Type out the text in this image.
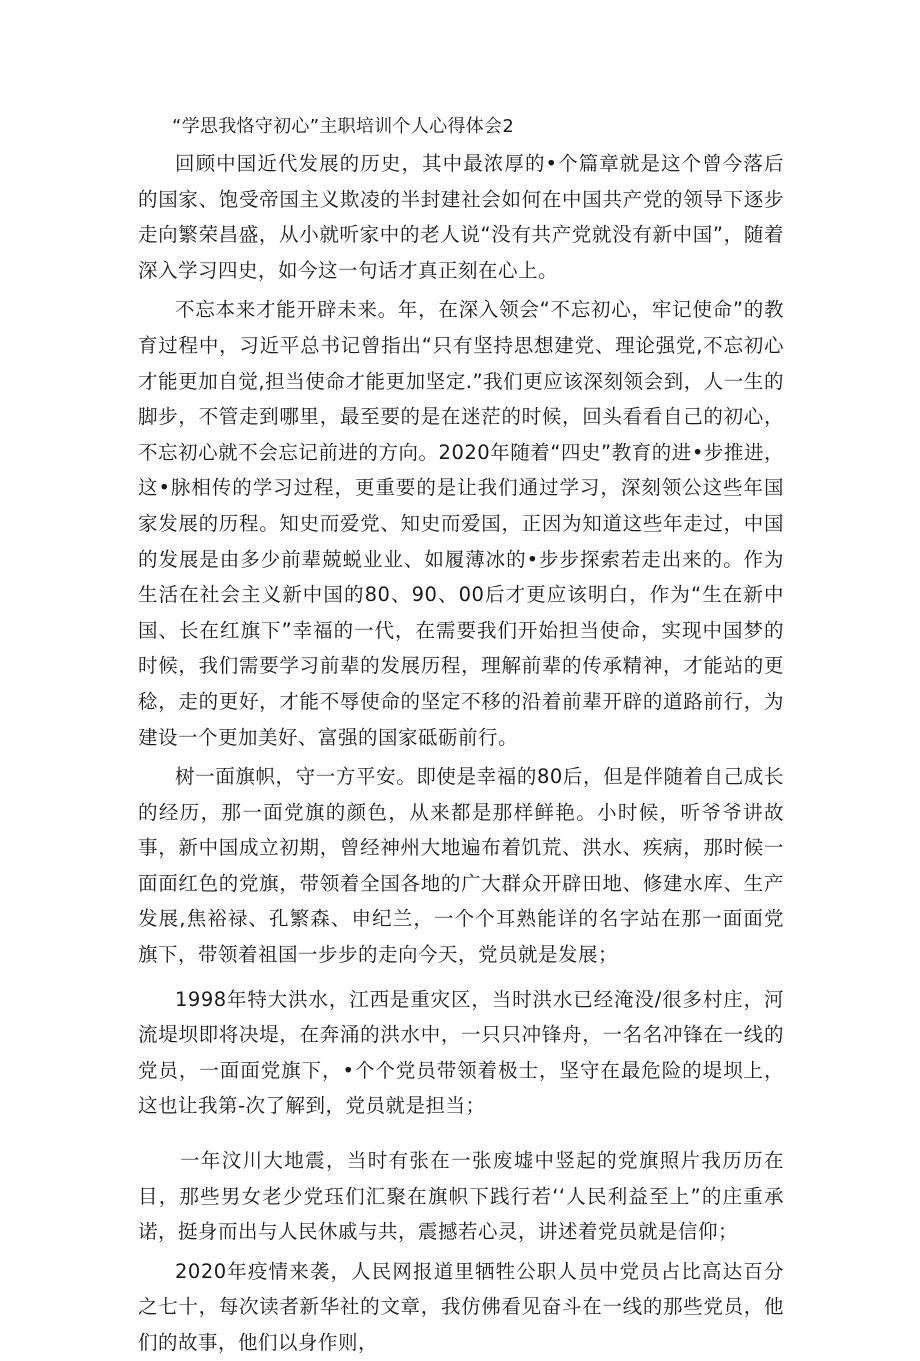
“学思我恪守初心”主职培训个人心得体会2

回顾中国近代发展的历史，其中最浓厚的•个篇章就是这个曾今落后的国家、饱受帝国主义欺凌的半封建社会如何在中国共产党的领导下逐步走向繁荣昌盛，从小就听家中的老人说“没有共产党就没有新中国”，随着深入学习四史，如今这一句话才真正刻在心上。

不忘本来才能开辟未来。年，在深入领会“不忘初心，牢记使命”的教育过程中，习近平总书记曾指出“只有坚持思想建党、理论强党,不忘初心才能更加自觉,担当使命才能更加坚定.”我们更应该深刻领会到，人一生的脚步，不管走到哪里，最至要的是在迷茫的时候，回头看看自己的初心，不忘初心就不会忘记前进的方向。2020年随着“四史”教育的进•步推进，这•脉相传的学习过程，更重要的是让我们通过学习，深刻领公这些年国家发展的历程。知史而爱党、知史而爱国，正因为知道这些年走过，中国的发展是由多少前辈兢蜕业业、如履薄冰的•步步探索若走出来的。作为生活在社会主义新中国的80、90、00后才更应该明白，作为“生在新中国、长在红旗下”幸福的一代，在需要我们开始担当使命，实现中国梦的时候，我们需要学习前辈的发展历程，理解前辈的传承精神，才能站的更稔，走的更好，才能不辱使命的坚定不移的沿着前辈开辟的道路前行，为建设一个更加美好、富强的国家砥砺前行。

树一面旗帜，守一方平安。即使是幸福的80后，但是伴随着自己成长的经历，那一面党旗的颜色，从来都是那样鲜艳。小时候，听爷爷讲故事，新中国成立初期，曾经神州大地遍布着饥荒、洪水、疾病，那时候一面面红色的党旗，带领着全国各地的广大群众开辟田地、修建水库、生产发展,焦裕禄、孔繁森、申纪兰，一个个耳熟能详的名字站在那一面面党旗下，带领着祖国一步步的走向今天，党员就是发展；

1998年特大洪水，江西是重灾区，当时洪水已经淹没/很多村庄，河流堤坝即将决堤，在奔涌的洪水中，一只只冲锋舟，一名名冲锋在一线的党员，一面面党旗下，•个个党员带领着极士，坚守在最危险的堤坝上，这也让我第-次了解到，党员就是担当；

一年汶川大地震，当时有张在一张废墟中竖起的党旗照片我历历在目，那些男女老少党珏们汇聚在旗帜下践行若‘‘人民利益至上”的庄重承诺，挺身而出与人民休戚与共，震撼若心灵，讲述着党员就是信仰；

2020年疫情来袭，人民网报道里牺牲公职人员中党员占比高达百分之七十，每次读者新华社的文章，我仿佛看见奋斗在一线的那些党员，他们的故事，他们以身作则，
